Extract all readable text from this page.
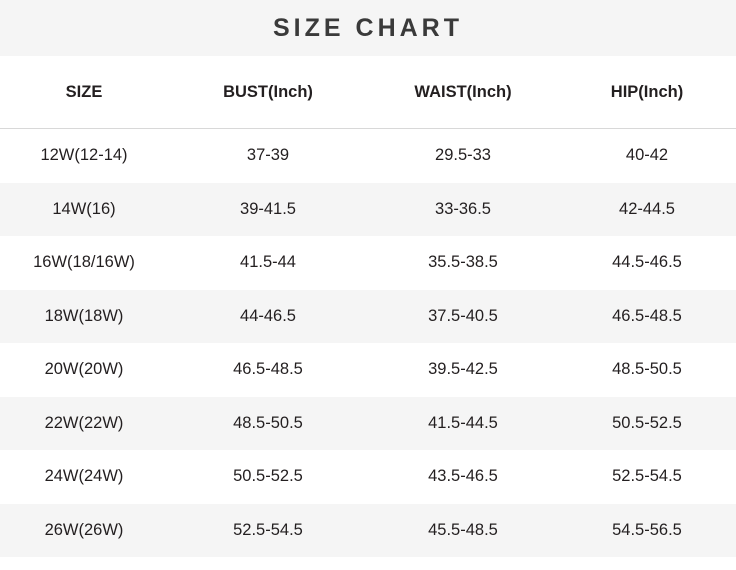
SIZE CHART
SIZE	BUST(Inch)	WAIST(Inch)	HIP(Inch)
12W(12-14)	37-39	29.5-33	40-42
14W(16)	39-41.5	33-36.5	42-44.5
16W(18/16W)	41.5-44	35.5-38.5	44.5-46.5
18W(18W)	44-46.5	37.5-40.5	46.5-48.5
20W(20W)	46.5-48.5	39.5-42.5	48.5-50.5
22W(22W)	48.5-50.5	41.5-44.5	50.5-52.5
24W(24W)	50.5-52.5	43.5-46.5	52.5-54.5
26W(26W)	52.5-54.5	45.5-48.5	54.5-56.5
